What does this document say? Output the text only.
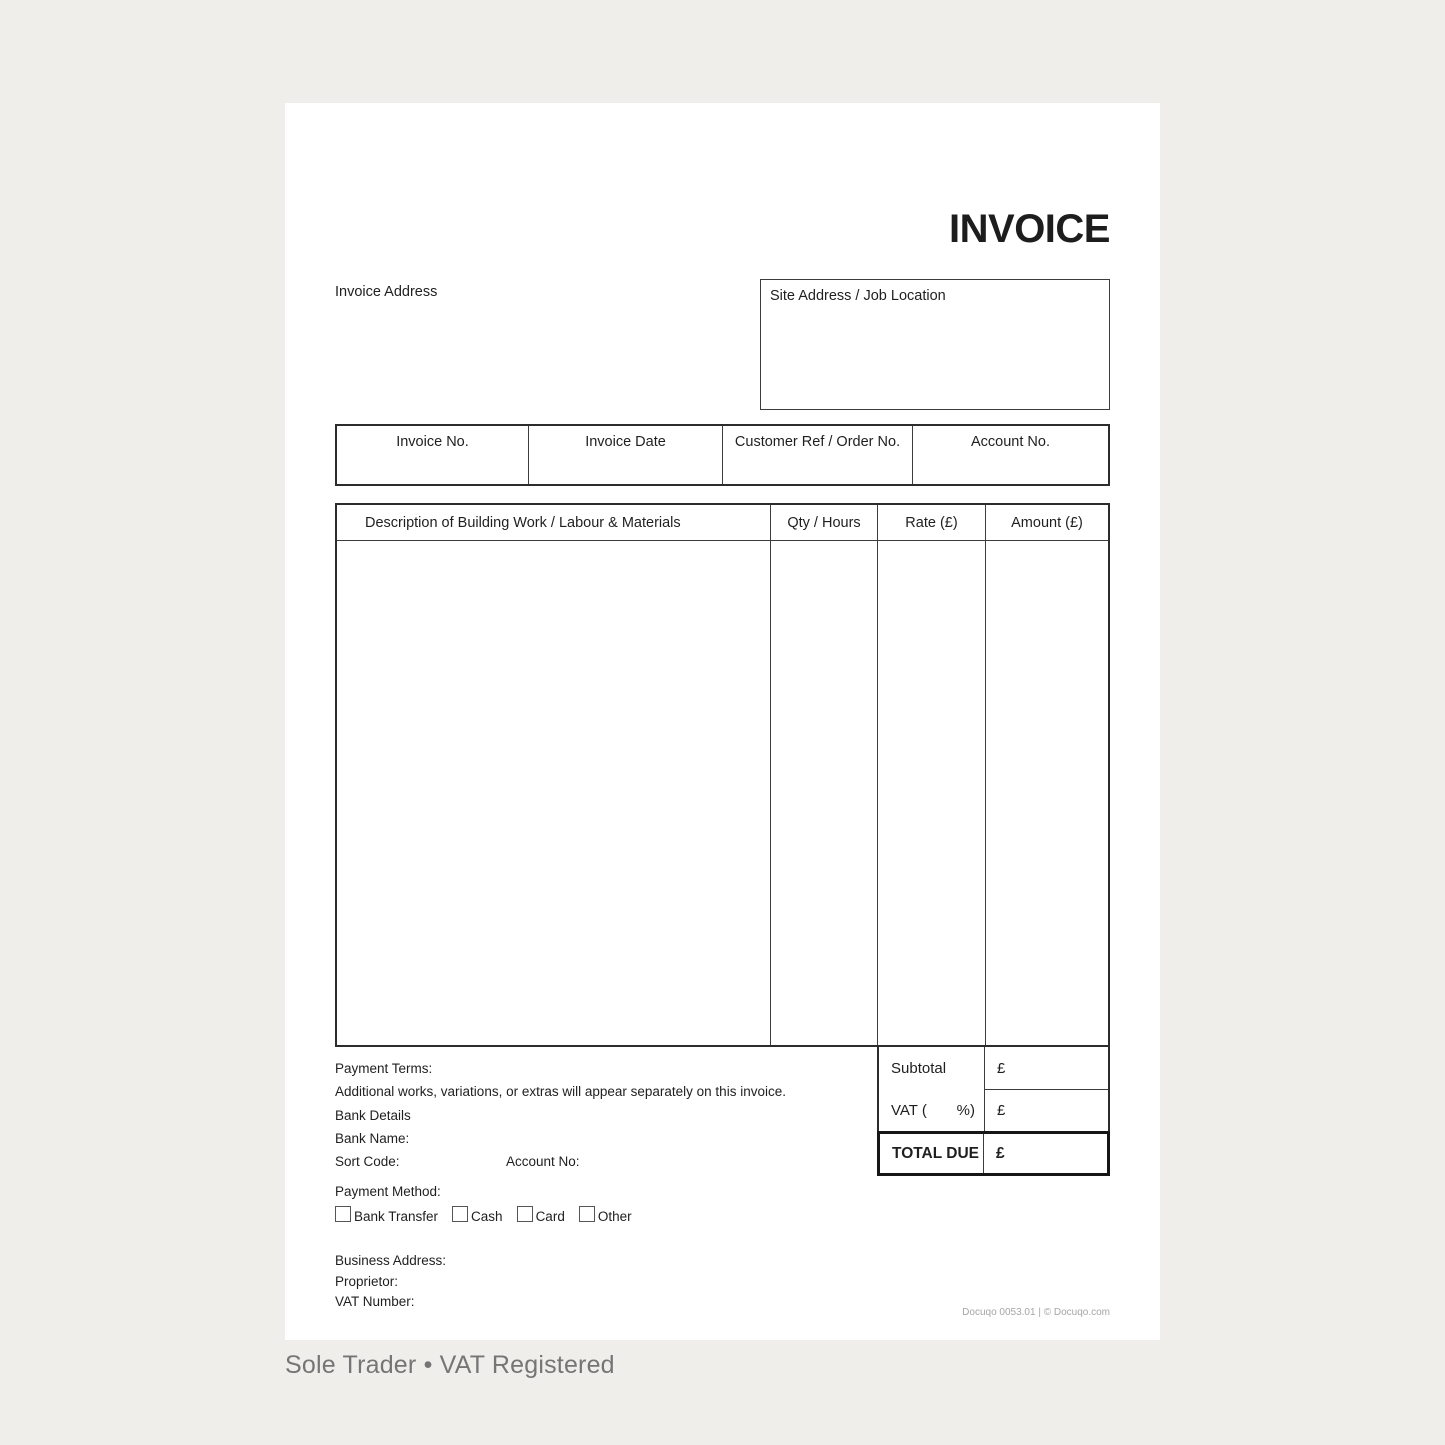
INVOICE
Invoice Address	Site Address / Job Location
Invoice No.	Invoice Date	Customer Ref / Order No.	Account No.
Description of Building Work / Labour & Materials	Qty / Hours	Rate (£)	Amount (£)
Subtotal	£
VAT ( %) £
TOTAL DUE	£
Payment Terms:
Additional works, variations, or extras will appear separately on this invoice.
Bank Details
Bank Name:
Sort Code:	Account No:
Payment Method:
Bank Transfer Cash Card Other
Business Address:
Proprietor:
VAT Number:
Docuqo 0053.01 | © Docuqo.com
Sole Trader • VAT Registered
